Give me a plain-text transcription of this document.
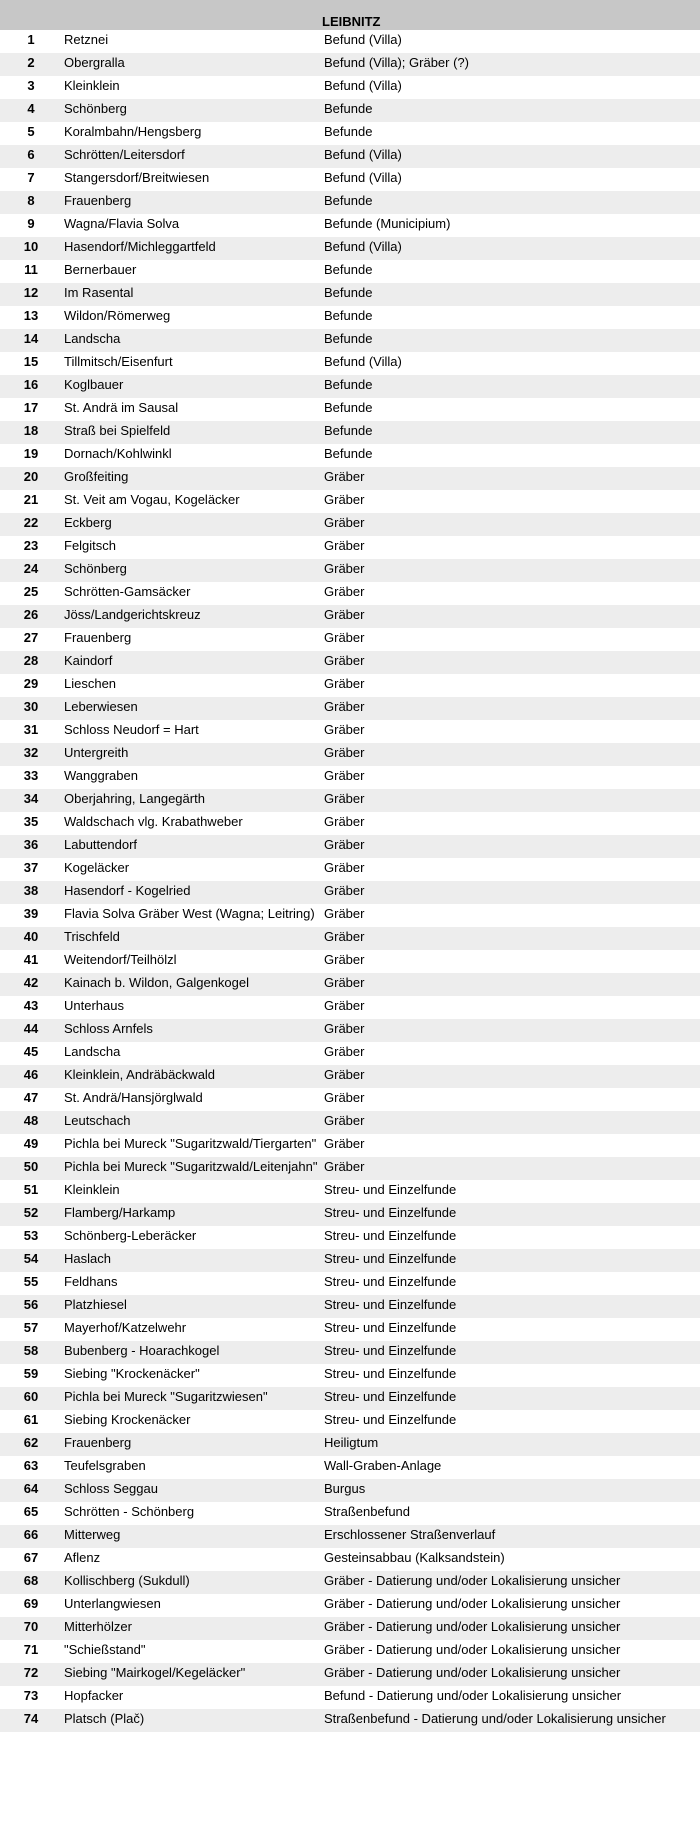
		LEIBNITZ

1	Retznei	Befund (Villa)
2	Obergralla	Befund (Villa); Gräber (?)
3	Kleinklein	Befund (Villa)
4	Schönberg	Befunde
5	Koralmbahn/Hengsberg	Befunde
6	Schrötten/Leitersdorf	Befund (Villa)
7	Stangersdorf/Breitwiesen	Befund (Villa)
8	Frauenberg	Befunde
9	Wagna/Flavia Solva	Befunde (Municipium)
10	Hasendorf/Michleggartfeld	Befund (Villa)
11	Bernerbauer	Befunde
12	Im Rasental	Befunde
13	Wildon/Römerweg	Befunde
14	Landscha	Befunde
15	Tillmitsch/Eisenfurt	Befund (Villa)
16	Koglbauer	Befunde
17	St. Andrä im Sausal	Befunde
18	Straß bei Spielfeld	Befunde
19	Dornach/Kohlwinkl	Befunde
20	Großfeiting	Gräber
21	St. Veit am Vogau, Kogeläcker	Gräber
22	Eckberg	Gräber
23	Felgitsch	Gräber
24	Schönberg	Gräber
25	Schrötten-Gamsäcker	Gräber
26	Jöss/Landgerichtskreuz	Gräber
27	Frauenberg	Gräber
28	Kaindorf	Gräber
29	Lieschen	Gräber
30	Leberwiesen	Gräber
31	Schloss Neudorf = Hart	Gräber
32	Untergreith	Gräber
33	Wanggraben	Gräber
34	Oberjahring, Langegärth	Gräber
35	Waldschach vlg. Krabathweber	Gräber
36	Labuttendorf	Gräber
37	Kogeläcker	Gräber
38	Hasendorf - Kogelried	Gräber
39	Flavia Solva Gräber West (Wagna; Leitring)	Gräber
40	Trischfeld	Gräber
41	Weitendorf/Teilhölzl	Gräber
42	Kainach b. Wildon, Galgenkogel	Gräber
43	Unterhaus	Gräber
44	Schloss Arnfels	Gräber
45	Landscha	Gräber
46	Kleinklein, Andräbäckwald	Gräber
47	St. Andrä/Hansjörglwald	Gräber
48	Leutschach	Gräber
49	Pichla bei Mureck "Sugaritzwald/Tiergarten"	Gräber
50	Pichla bei Mureck "Sugaritzwald/Leitenjahn"	Gräber
51	Kleinklein	Streu- und Einzelfunde
52	Flamberg/Harkamp	Streu- und Einzelfunde
53	Schönberg-Leberäcker	Streu- und Einzelfunde
54	Haslach	Streu- und Einzelfunde
55	Feldhans	Streu- und Einzelfunde
56	Platzhiesel	Streu- und Einzelfunde
57	Mayerhof/Katzelwehr	Streu- und Einzelfunde
58	Bubenberg - Hoarachkogel	Streu- und Einzelfunde
59	Siebing "Krockenäcker"	Streu- und Einzelfunde
60	Pichla bei Mureck "Sugaritzwiesen"	Streu- und Einzelfunde
61	Siebing Krockenäcker	Streu- und Einzelfunde
62	Frauenberg	Heiligtum
63	Teufelsgraben	Wall-Graben-Anlage
64	Schloss Seggau	Burgus
65	Schrötten - Schönberg	Straßenbefund
66	Mitterweg	Erschlossener Straßenverlauf
67	Aflenz	Gesteinsabbau (Kalksandstein)
68	Kollischberg (Sukdull)	Gräber - Datierung und/oder Lokalisierung unsicher
69	Unterlangwiesen	Gräber - Datierung und/oder Lokalisierung unsicher
70	Mitterhölzer	Gräber - Datierung und/oder Lokalisierung unsicher
71	"Schießstand"	Gräber - Datierung und/oder Lokalisierung unsicher
72	Siebing "Mairkogel/Kegeläcker"	Gräber - Datierung und/oder Lokalisierung unsicher
73	Hopfacker	Befund - Datierung und/oder Lokalisierung unsicher
74	Platsch (Plač)	Straßenbefund - Datierung und/oder Lokalisierung unsicher
